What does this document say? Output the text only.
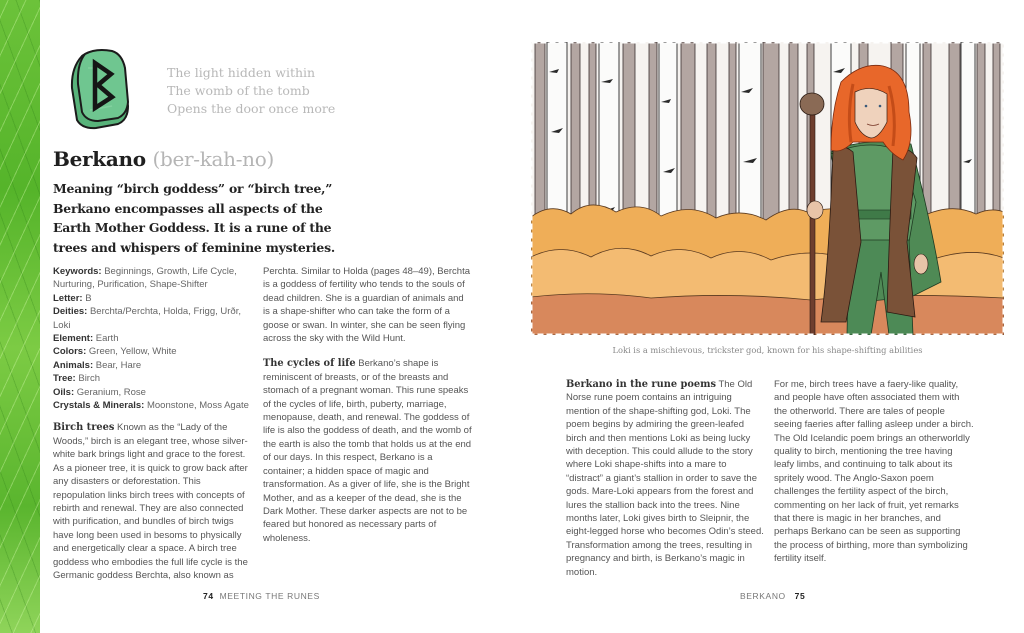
The light hidden within
The womb of the tomb
Opens the door once more
Berkano (ber-kah-no)
Meaning “birch goddess” or “birch tree,” Berkano encompasses all aspects of the Earth Mother Goddess. It is a rune of the trees and whispers of feminine mysteries.
Keywords: Beginnings, Growth, Life Cycle, Nurturing, Purification, Shape-Shifter
Letter: B
Deities: Berchta/Perchta, Holda, Frigg, Urðr, Loki
Element: Earth
Colors: Green, Yellow, White
Animals: Bear, Hare
Tree: Birch
Oils: Geranium, Rose
Crystals & Minerals: Moonstone, Moss Agate
Birch trees Known as the “Lady of the Woods,” birch is an elegant tree, whose silver-white bark brings light and grace to the forest. As a pioneer tree, it is quick to grow back after any disasters or deforestation. This repopulation links birch trees with concepts of rebirth and renewal. They are also connected with purification, and bundles of birch twigs have long been used in besoms to physically and energetically clear a space. A birch tree goddess who embodies the full life cycle is the Germanic goddess Berchta, also known as
Perchta. Similar to Holda (pages 48–49), Berchta is a goddess of fertility who tends to the souls of dead children. She is a guardian of animals and is a shape-shifter who can take the form of a goose or swan. In winter, she can be seen flying across the sky with the Wild Hunt.
The cycles of life Berkano’s shape is reminiscent of breasts, or of the breasts and stomach of a pregnant woman. This rune speaks of the cycles of life, birth, puberty, marriage, menopause, death, and renewal. The goddess of life is also the goddess of death, and the womb of the earth is also the tomb that holds us at the end of our days. In this respect, Berkano is a container; a hidden space of magic and transformation. As a giver of life, she is the Bright Mother, and as a keeper of the dead, she is the Dark Mother. These darker aspects are not to be feared but honored as necessary parts of wholeness.
74 MEETING THE RUNES
Loki is a mischievous, trickster god, known for his shape-shifting abilities
Berkano in the rune poems The Old Norse rune poem contains an intriguing mention of the shape-shifting god, Loki. The poem begins by admiring the green-leafed birch and then mentions Loki as being lucky with deception. This could allude to the story where Loki shape-shifts into a mare to “distract” a giant’s stallion in order to save the gods. Mare-Loki appears from the forest and lures the stallion back into the trees. Nine months later, Loki gives birth to Sleipnir, the eight-legged horse who becomes Odin’s steed. Transformation among the trees, resulting in pregnancy and birth, is Berkano’s magic in motion.
For me, birch trees have a faery-like quality, and people have often associated them with the otherworld. There are tales of people seeing faeries after falling asleep under a birch. The Old Icelandic poem brings an otherworldly quality to birch, mentioning the tree having leafy limbs, and continuing to talk about its spritely wood. The Anglo-Saxon poem challenges the fertility aspect of the birch, commenting on her lack of fruit, yet remarks that there is magic in her branches, and perhaps Berkano can be seen as supporting the process of birthing, more than symbolizing fertility itself.
BERKANO 75
